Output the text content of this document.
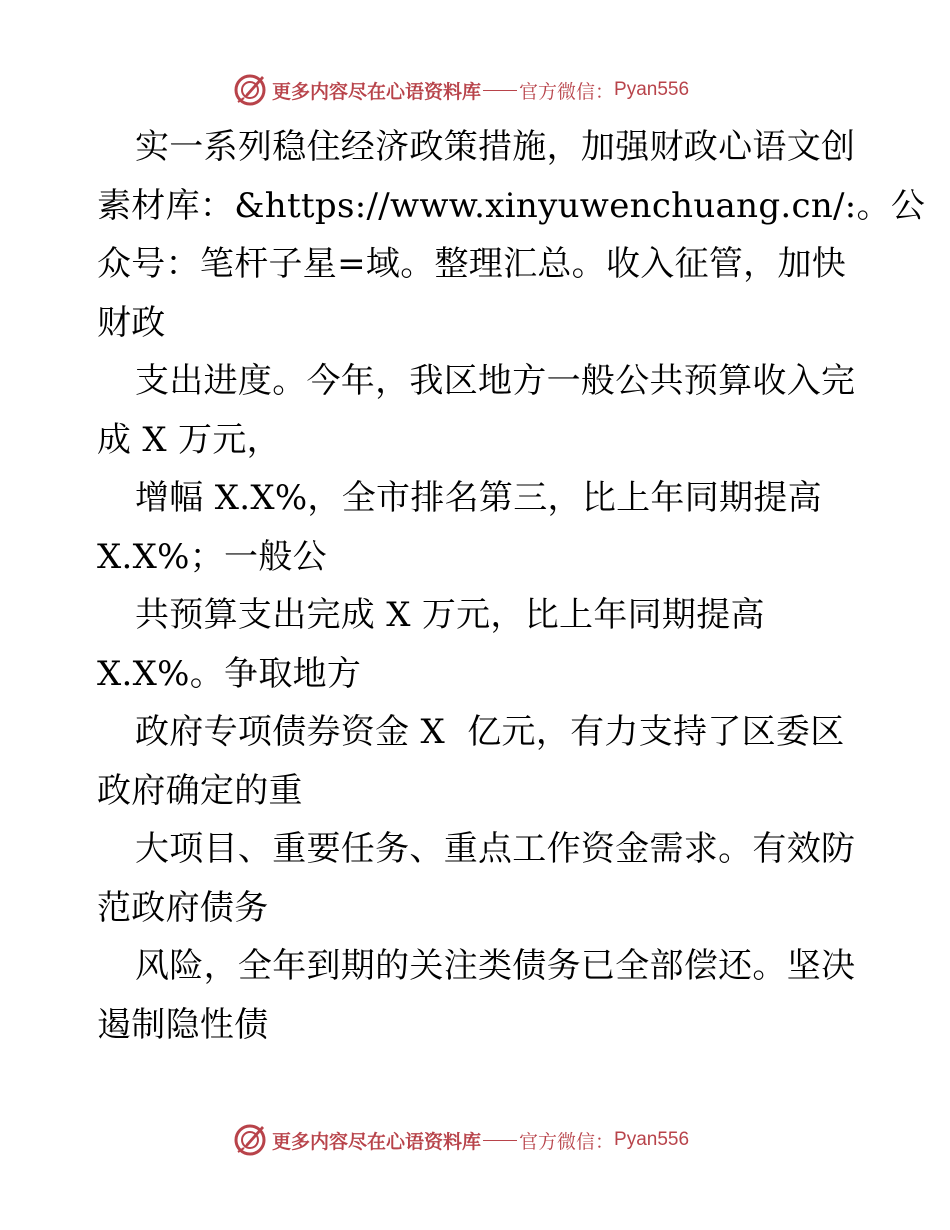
更多内容尽在心语资料库 官方微信： Pyan556
实一系列稳住经济政策措施，加强财政心语文创
素材库：&https://www.xinyuwenchuang.cn/:。公
众号：笔杆子星=域。整理汇总。收入征管，加快
财政
支出进度。今年，我区地方一般公共预算收入完
成 X 万元，
增幅 X.X%，全市排名第三，比上年同期提高
X.X%；一般公
共预算支出完成 X 万元，比上年同期提高
X.X%。争取地方
政府专项债券资金 X  亿元，有力支持了区委区
政府确定的重
大项目、重要任务、重点工作资金需求。有效防
范政府债务
风险，全年到期的关注类债务已全部偿还。坚决
遏制隐性债
更多内容尽在心语资料库 官方微信： Pyan556
